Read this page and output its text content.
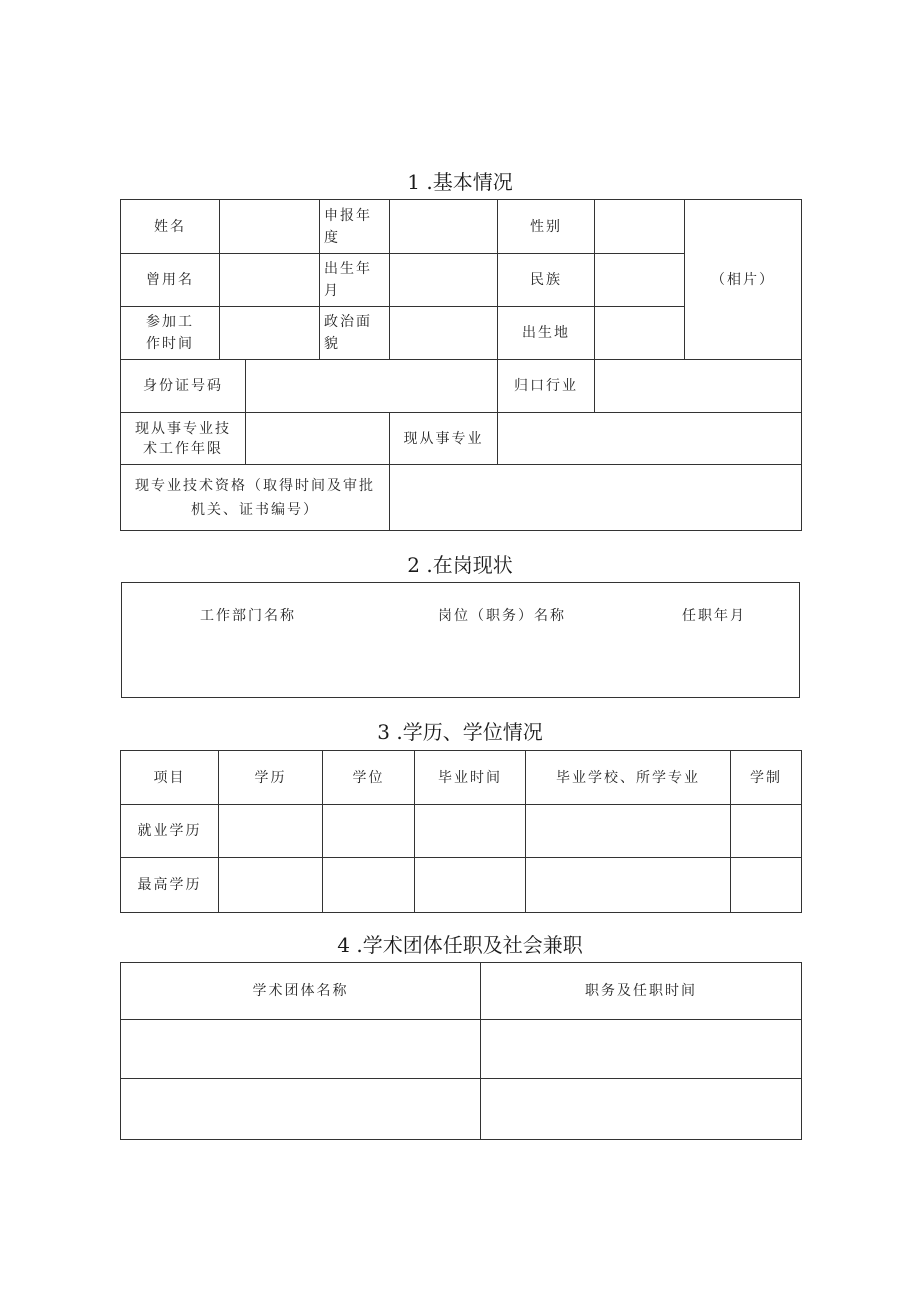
1 .基本情况
姓名			申报年度		性别		（相片）
曾用名			出生年月		民族		
参加工作时间			政治面貌		出生地		
身份证号码					归口行业		
现从事专业技术工作年限				现从事专业			
现专业技术资格（取得时间及审批机关、证书编号）							
2 .在岗现状
工作部门名称	岗位（职务）名称	任职年月
3 .学历、学位情况
项目	学历	学位	毕业时间	毕业学校、所学专业	学制
就业学历					
最高学历					
4 .学术团体任职及社会兼职
学术团体名称	职务及任职时间
